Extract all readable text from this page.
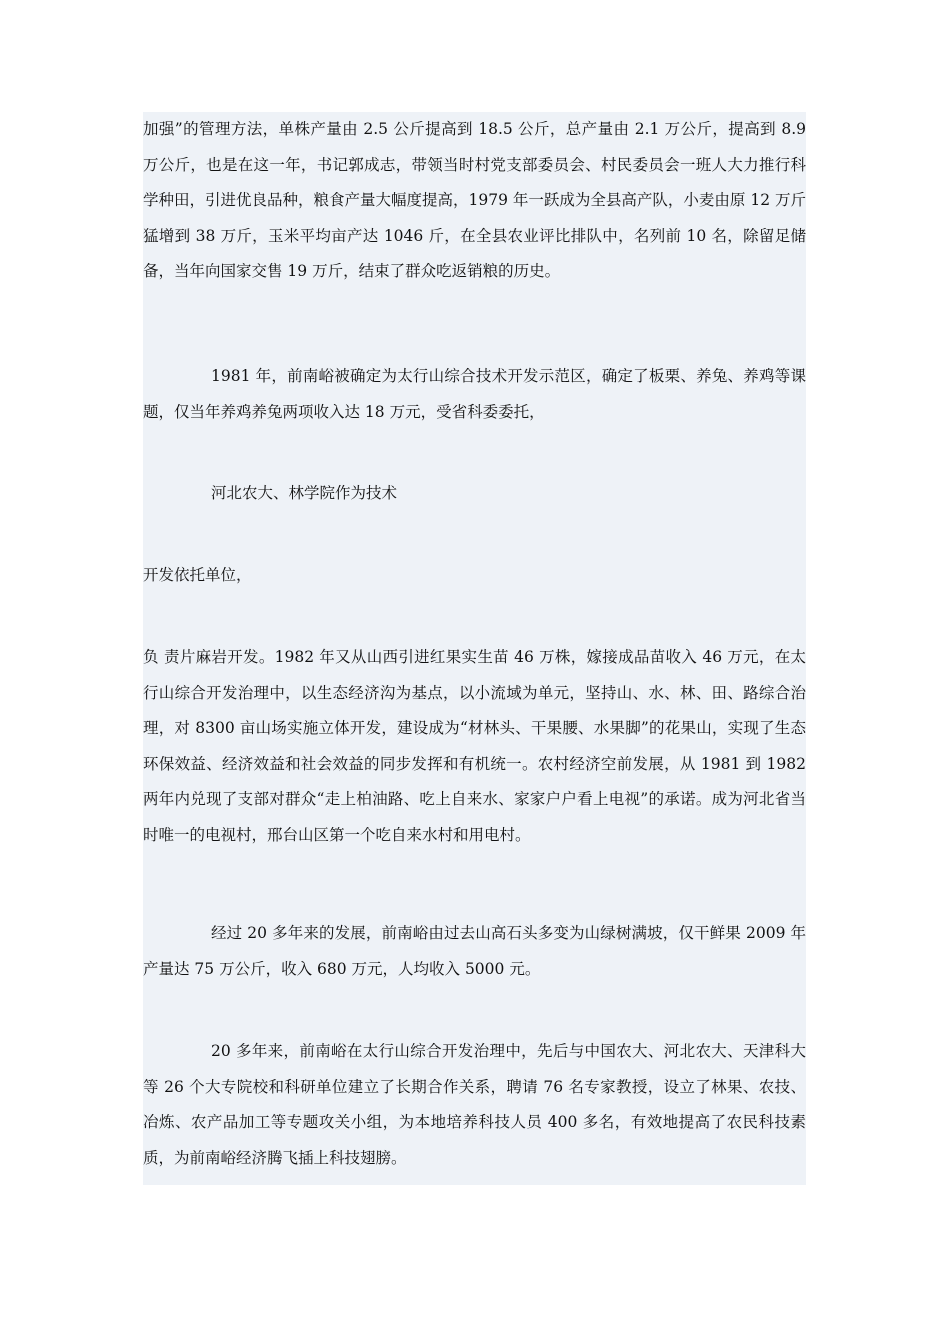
加强”的管理方法，单株产量由 2.5 公斤提高到 18.5 公斤，总产量由 2.1 万公斤，提高到 8.9 万公斤，也是在这一年，书记郭成志，带领当时村党支部委员会、村民委员会一班人大力推行科学种田，引进优良品种，粮食产量大幅度提高，1979 年一跃成为全县高产队，小麦由原 12 万斤猛增到 38 万斤，玉米平均亩产达 1046 斤，在全县农业评比排队中，名列前 10 名，除留足储备，当年向国家交售 19 万斤，结束了群众吃返销粮的历史。

1981 年，前南峪被确定为太行山综合技术开发示范区，确定了板栗、养兔、养鸡等课题，仅当年养鸡养兔两项收入达 18 万元，受省科委委托，

河北农大、林学院作为技术

开发依托单位，

负 责片麻岩开发。1982 年又从山西引进红果实生苗 46 万株，嫁接成品苗收入 46 万元，在太行山综合开发治理中，以生态经济沟为基点，以小流域为单元，坚持山、水、林、田、路综合治理，对 8300 亩山场实施立体开发，建设成为“材林头、干果腰、水果脚”的花果山，实现了生态环保效益、经济效益和社会效益的同步发挥和有机统一。农村经济空前发展，从 1981 到 1982 两年内兑现了支部对群众“走上柏油路、吃上自来水、家家户户看上电视”的承诺。成为河北省当时唯一的电视村，邢台山区第一个吃自来水村和用电村。

经过 20 多年来的发展，前南峪由过去山高石头多变为山绿树满坡，仅干鲜果 2009 年产量达 75 万公斤，收入 680 万元，人均收入 5000 元。

20 多年来，前南峪在太行山综合开发治理中，先后与中国农大、河北农大、天津科大等 26 个大专院校和科研单位建立了长期合作关系，聘请 76 名专家教授，设立了林果、农技、冶炼、农产品加工等专题攻关小组，为本地培养科技人员 400 多名，有效地提高了农民科技素质，为前南峪经济腾飞插上科技翅膀。
